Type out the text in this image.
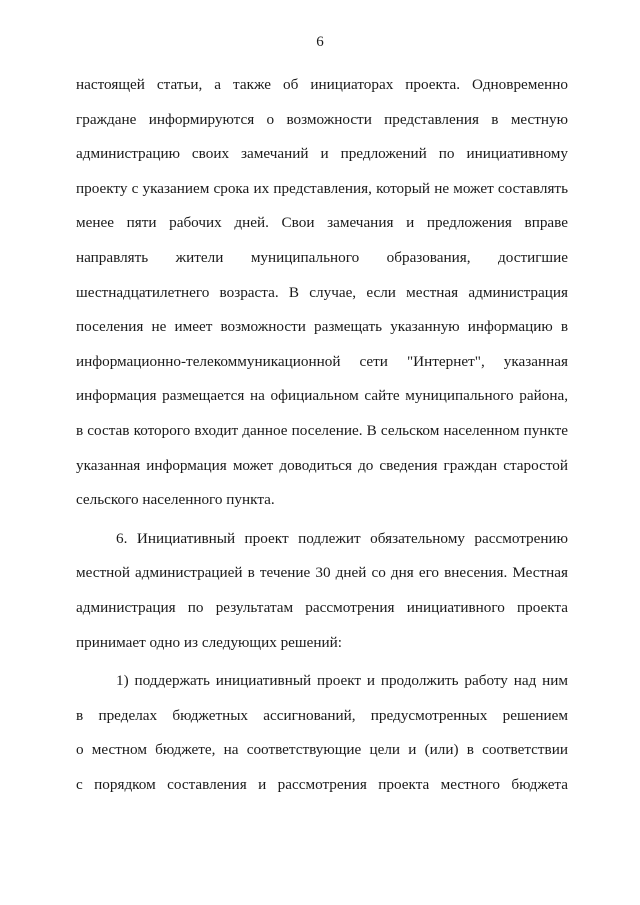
6
настоящей статьи, а также об инициаторах проекта. Одновременно
граждане информируются о возможности представления в местную
администрацию своих замечаний и предложений по инициативному
проекту с указанием срока их представления, который не может составлять
менее пяти рабочих дней. Свои замечания и предложения вправе
направлять жители муниципального образования, достигшие
шестнадцатилетнего возраста. В случае, если местная администрация
поселения не имеет возможности размещать указанную информацию в
информационно-телекоммуникационной сети "Интернет", указанная
информация размещается на официальном сайте муниципального района,
в состав которого входит данное поселение. В сельском населенном пункте
указанная информация может доводиться до сведения граждан старостой
сельского населенного пункта.
6. Инициативный проект подлежит обязательному рассмотрению
местной администрацией в течение 30 дней со дня его внесения. Местная
администрация по результатам рассмотрения инициативного проекта
принимает одно из следующих решений:
1) поддержать инициативный проект и продолжить работу над ним
в пределах бюджетных ассигнований, предусмотренных решением
о местном бюджете, на соответствующие цели и (или) в соответствии
с порядком составления и рассмотрения проекта местного бюджета
